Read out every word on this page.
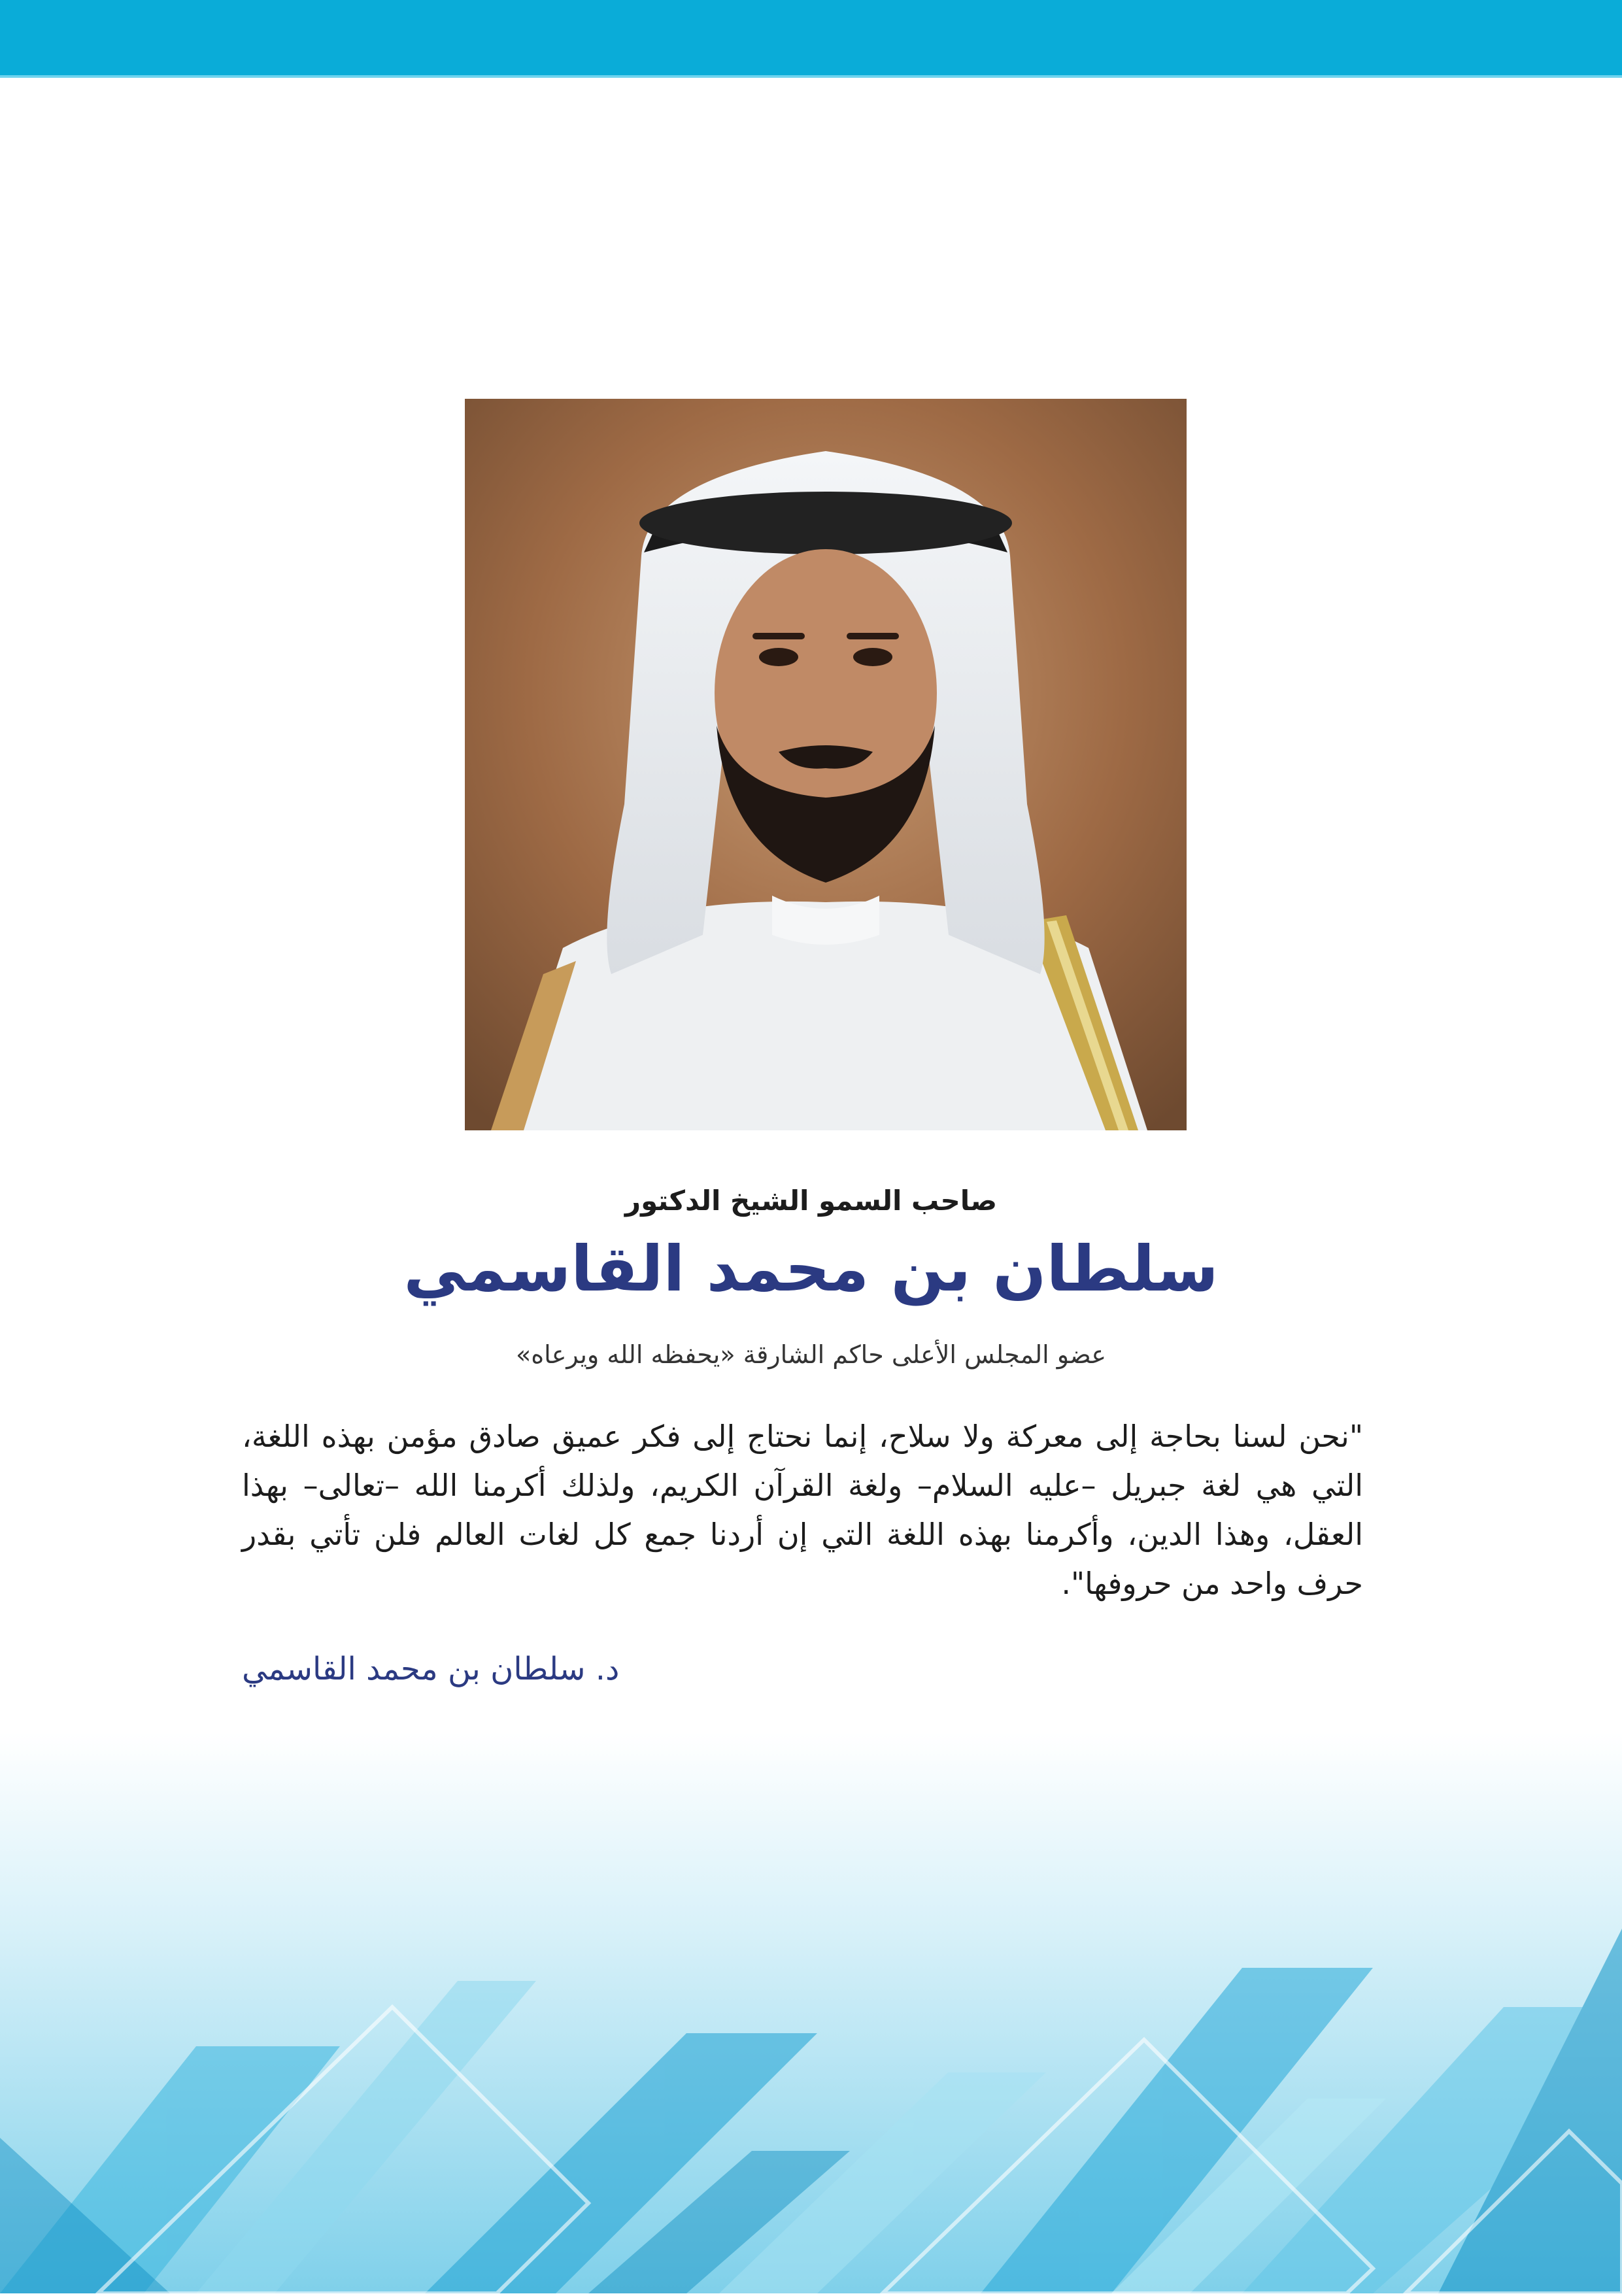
صاحب السمو الشيخ الدكتور
سلطان بن محمد القاسمي
عضو المجلس الأعلى حاكم الشارقة «يحفظه الله ويرعاه»
"نحن لسنا بحاجة إلى معركة ولا سلاح، إنما نحتاج إلى فكر عميق صادق مؤمن بهذه اللغة، التي هي لغة جبريل –عليه السلام– ولغة القرآن الكريم، ولذلك أكرمنا الله –تعالى– بهذا العقل، وهذا الدين، وأكرمنا بهذه اللغة التي إن أردنا جمع كل لغات العالم فلن تأتي بقدر حرف واحد من حروفها".
د. سلطان بن محمد القاسمي
